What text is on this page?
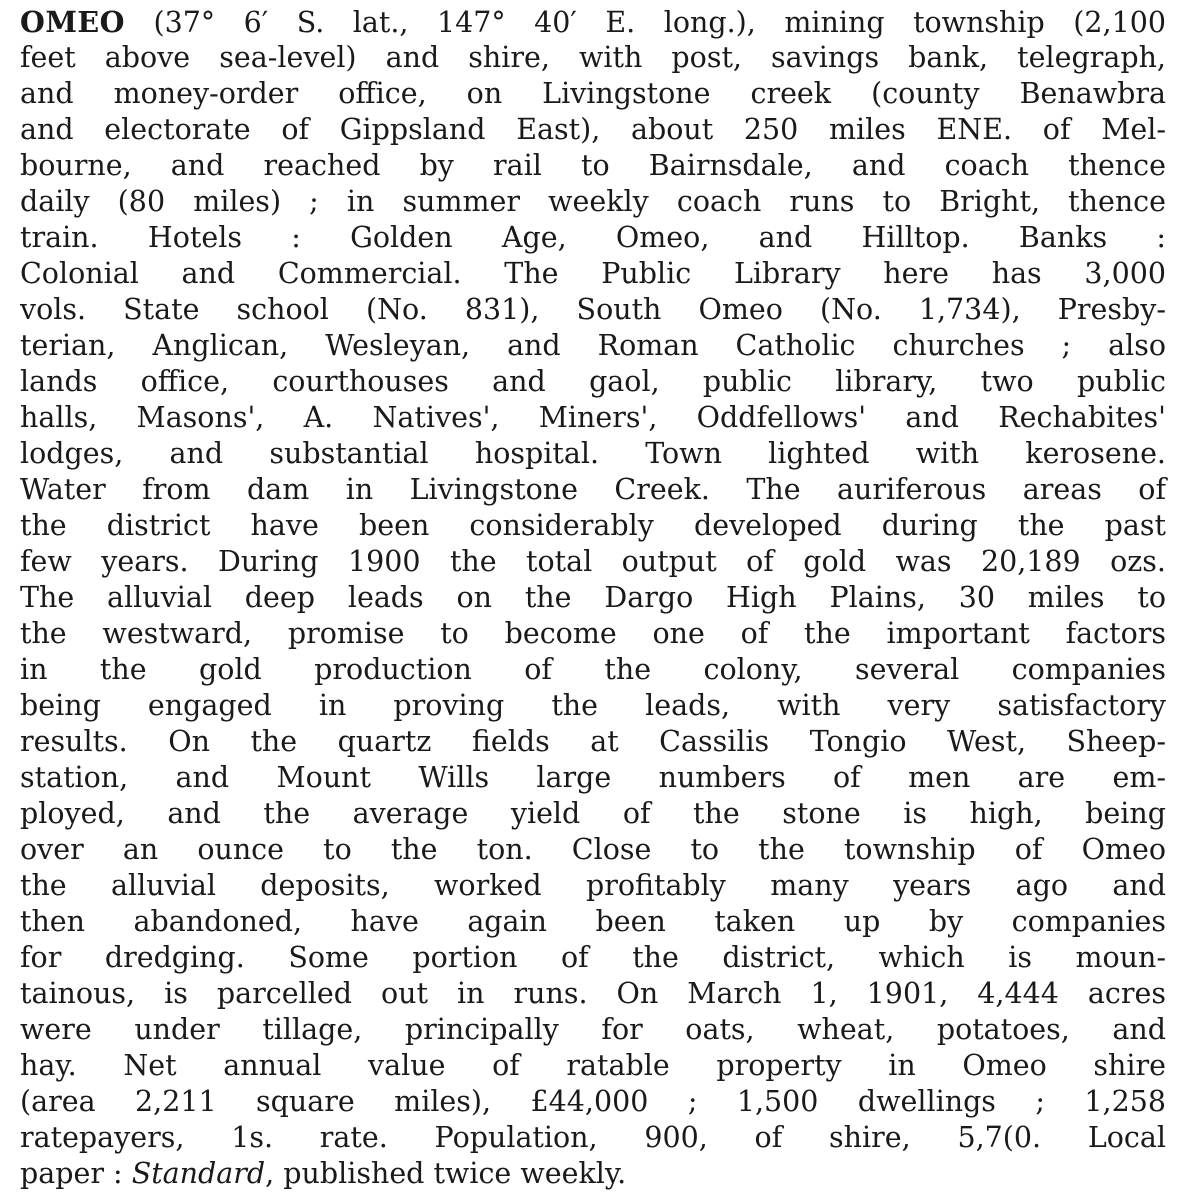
OMEO (37° 6′ S. lat., 147° 40′ E. long.), mining township (2,100
feet above sea-level) and shire, with post, savings bank, telegraph,
and money-order office, on Livingstone creek (county Benawbra
and electorate of Gippsland East), about 250 miles ENE. of Mel-
bourne, and reached by rail to Bairnsdale, and coach thence
daily (80 miles) ; in summer weekly coach runs to Bright, thence
train. Hotels : Golden Age, Omeo, and Hilltop. Banks :
Colonial and Commercial. The Public Library here has 3,000
vols. State school (No. 831), South Omeo (No. 1,734), Presby-
terian, Anglican, Wesleyan, and Roman Catholic churches ; also
lands office, courthouses and gaol, public library, two public
halls, Masons', A. Natives', Miners', Oddfellows' and Rechabites'
lodges, and substantial hospital. Town lighted with kerosene.
Water from dam in Livingstone Creek. The auriferous areas of
the district have been considerably developed during the past
few years. During 1900 the total output of gold was 20,189 ozs.
The alluvial deep leads on the Dargo High Plains, 30 miles to
the westward, promise to become one of the important factors
in the gold production of the colony, several companies
being engaged in proving the leads, with very satisfactory
results. On the quartz fields at Cassilis Tongio West, Sheep-
station, and Mount Wills large numbers of men are em-
ployed, and the average yield of the stone is high, being
over an ounce to the ton. Close to the township of Omeo
the alluvial deposits, worked profitably many years ago and
then abandoned, have again been taken up by companies
for dredging. Some portion of the district, which is moun-
tainous, is parcelled out in runs. On March 1, 1901, 4,444 acres
were under tillage, principally for oats, wheat, potatoes, and
hay. Net annual value of ratable property in Omeo shire
(area 2,211 square miles), £44,000 ; 1,500 dwellings ; 1,258
ratepayers, 1s. rate. Population, 900, of shire, 5,7(0. Local
paper : Standard, published twice weekly.
